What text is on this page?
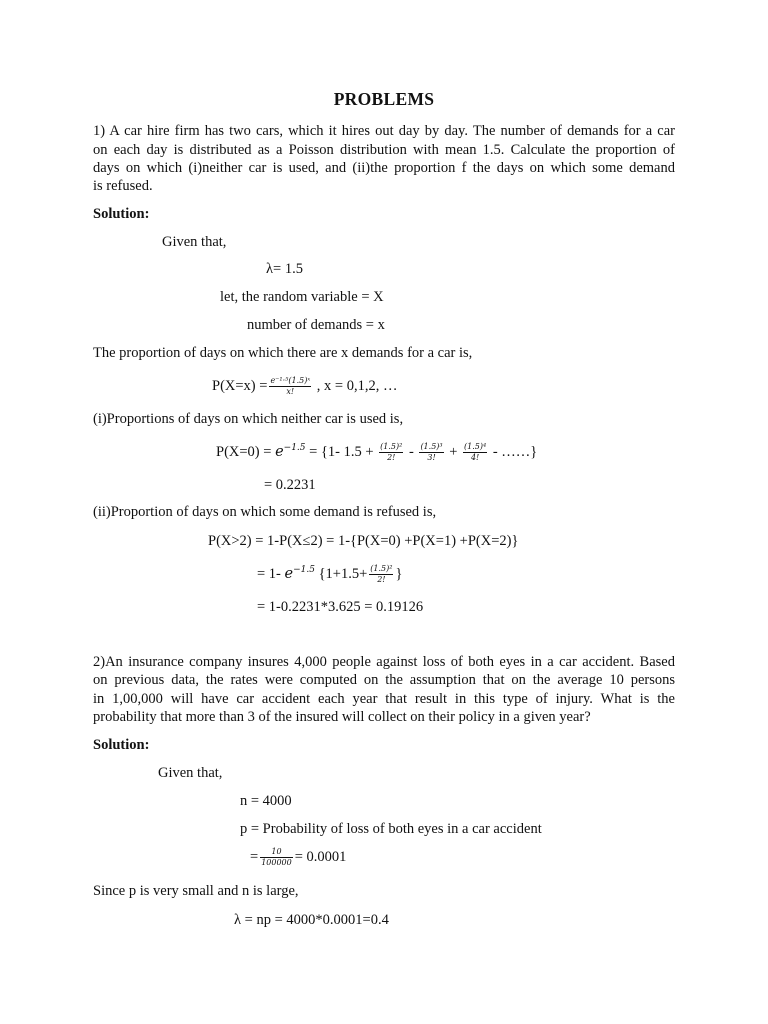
PROBLEMS
1) A car hire firm has two cars, which it hires out day by day. The number of demands for a car
on each day is distributed as a Poisson distribution with mean 1.5. Calculate the proportion of
days on which (i)neither car is used, and (ii)the proportion f the days on which some demand
is refused.
Solution:
Given that,
λ= 1.5
let, the random variable = X
number of demands = x
The proportion of days on which there are x demands for a car is,
$P(X=x) = \frac{\text{e⁻¹·⁵(1.5)ˣ}}{x!}$ , x = 0,1,2, …
(i)Proportions of days on which neither car is used is,
$P(X=0) = e^{-1.5} = \{1-$ $1.5 + \frac{\text{(1.5)²}}{2!} - \frac{\text{(1.5)³}}{3!} + \frac{\text{(1.5)⁴}}{4!}$ - ……}
= 0.2231
(ii)Proportion of days on which some demand is refused is,
P(X>2) = 1-P(X≤2) = 1-{P(X=0) +P(X=1) +P(X=2)}
= 1- $e^{-1.5}$ {$1+1.5+ \frac{\text{(1.5)²}}{2!}$ }
= 1-0.2231*3.625 = 0.19126
2)An insurance company insures 4,000 people against loss of both eyes in a car accident. Based
on previous data, the rates were computed on the assumption that on the average 10 persons
in 1,00,000 will have car accident each year that result in this type of injury. What is the
probability that more than 3 of the insured will collect on their policy in a given year?
Solution:
Given that,
n = 4000
p = Probability of loss of both eyes in a car accident
= $\frac{10}{100000} = 0.0001$
Since p is very small and n is large,
λ = np = 4000*0.0001=0.4
